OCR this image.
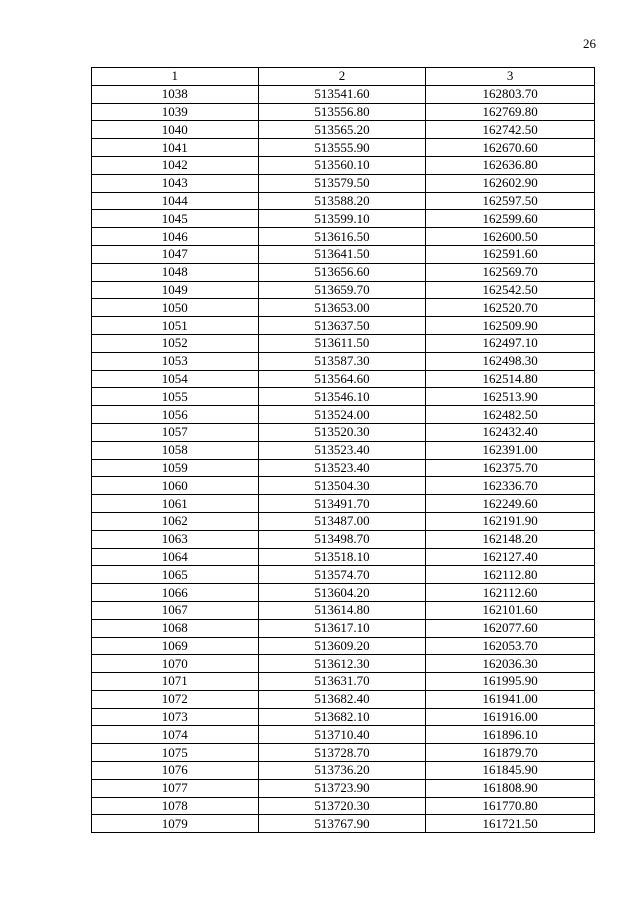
26
1	2	3
1038	513541.60	162803.70
1039	513556.80	162769.80
1040	513565.20	162742.50
1041	513555.90	162670.60
1042	513560.10	162636.80
1043	513579.50	162602.90
1044	513588.20	162597.50
1045	513599.10	162599.60
1046	513616.50	162600.50
1047	513641.50	162591.60
1048	513656.60	162569.70
1049	513659.70	162542.50
1050	513653.00	162520.70
1051	513637.50	162509.90
1052	513611.50	162497.10
1053	513587.30	162498.30
1054	513564.60	162514.80
1055	513546.10	162513.90
1056	513524.00	162482.50
1057	513520.30	162432.40
1058	513523.40	162391.00
1059	513523.40	162375.70
1060	513504.30	162336.70
1061	513491.70	162249.60
1062	513487.00	162191.90
1063	513498.70	162148.20
1064	513518.10	162127.40
1065	513574.70	162112.80
1066	513604.20	162112.60
1067	513614.80	162101.60
1068	513617.10	162077.60
1069	513609.20	162053.70
1070	513612.30	162036.30
1071	513631.70	161995.90
1072	513682.40	161941.00
1073	513682.10	161916.00
1074	513710.40	161896.10
1075	513728.70	161879.70
1076	513736.20	161845.90
1077	513723.90	161808.90
1078	513720.30	161770.80
1079	513767.90	161721.50
